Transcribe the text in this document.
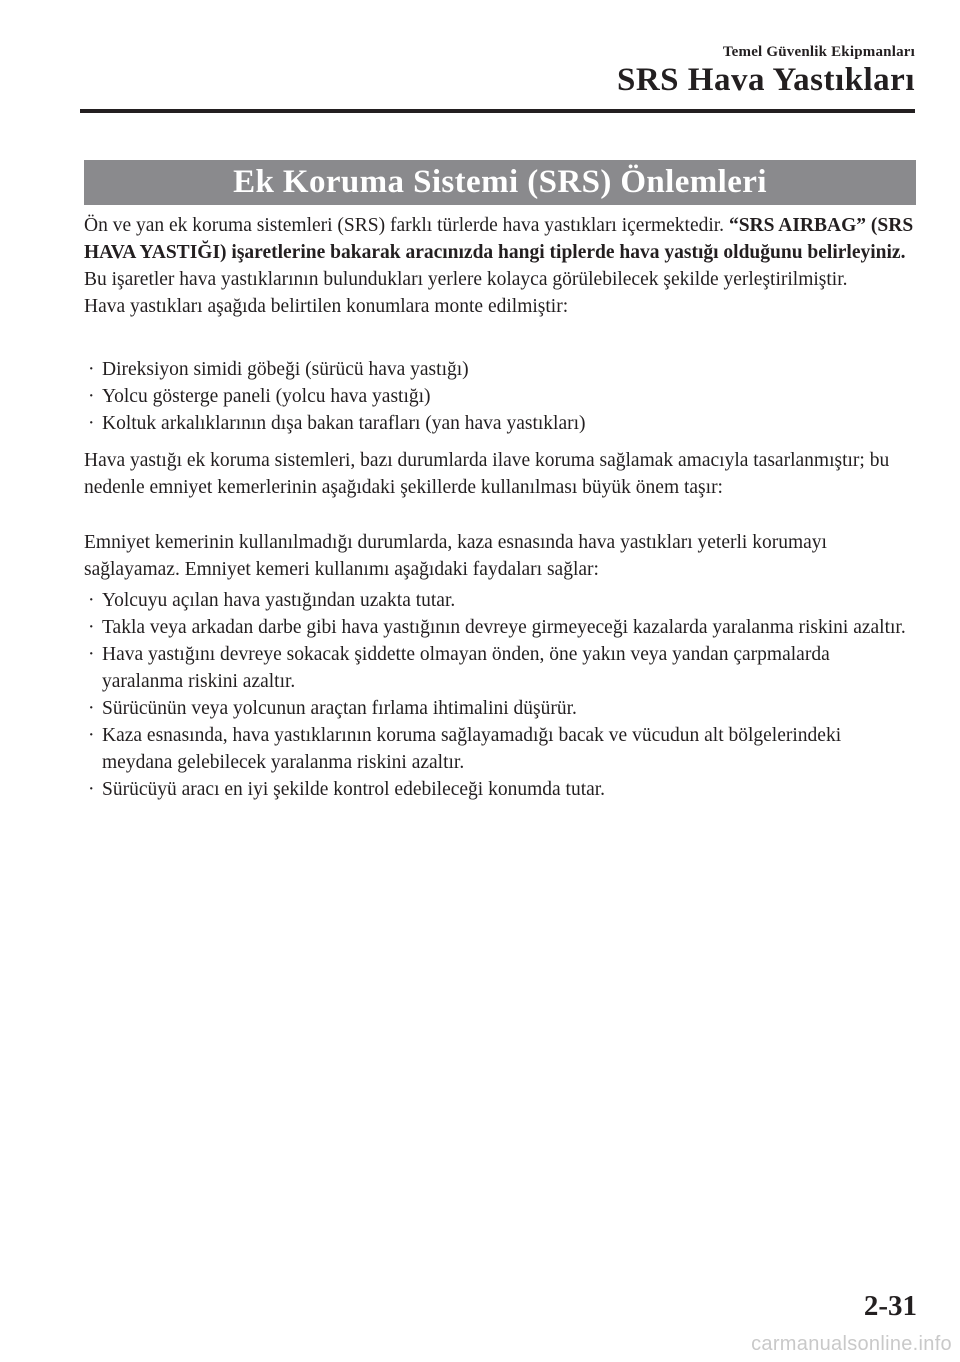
Temel Güvenlik Ekipmanları
SRS Hava Yastıkları
Ek Koruma Sistemi (SRS) Önlemleri

Ön ve yan ek koruma sistemleri (SRS) farklı türlerde hava yastıkları içermektedir. “SRS AIRBAG” (SRS HAVA YASTIĞI) işaretlerine bakarak aracınızda hangi tiplerde hava yastığı olduğunu belirleyiniz. Bu işaretler hava yastıklarının bulundukları yerlere kolayca görülebilecek şekilde yerleştirilmiştir.

Hava yastıkları aşağıda belirtilen konumlara monte edilmiştir:

· Direksiyon simidi göbeği (sürücü hava yastığı)
· Yolcu gösterge paneli (yolcu hava yastığı)
· Koltuk arkalıklarının dışa bakan tarafları (yan hava yastıkları)

Hava yastığı ek koruma sistemleri, bazı durumlarda ilave koruma sağlamak amacıyla tasarlanmıştır; bu nedenle emniyet kemerlerinin aşağıdaki şekillerde kullanılması büyük önem taşır:

Emniyet kemerinin kullanılmadığı durumlarda, kaza esnasında hava yastıkları yeterli korumayı sağlayamaz. Emniyet kemeri kullanımı aşağıdaki faydaları sağlar:

· Yolcuyu açılan hava yastığından uzakta tutar.
· Takla veya arkadan darbe gibi hava yastığının devreye girmeyeceği kazalarda yaralanma riskini azaltır.
· Hava yastığını devreye sokacak şiddette olmayan önden, öne yakın veya yandan çarpmalarda yaralanma riskini azaltır.
· Sürücünün veya yolcunun araçtan fırlama ihtimalini düşürür.
· Kaza esnasında, hava yastıklarının koruma sağlayamadığı bacak ve vücudun alt bölgelerindeki meydana gelebilecek yaralanma riskini azaltır.
· Sürücüyü aracı en iyi şekilde kontrol edebileceği konumda tutar.
2-31
carmanualsonline.info
